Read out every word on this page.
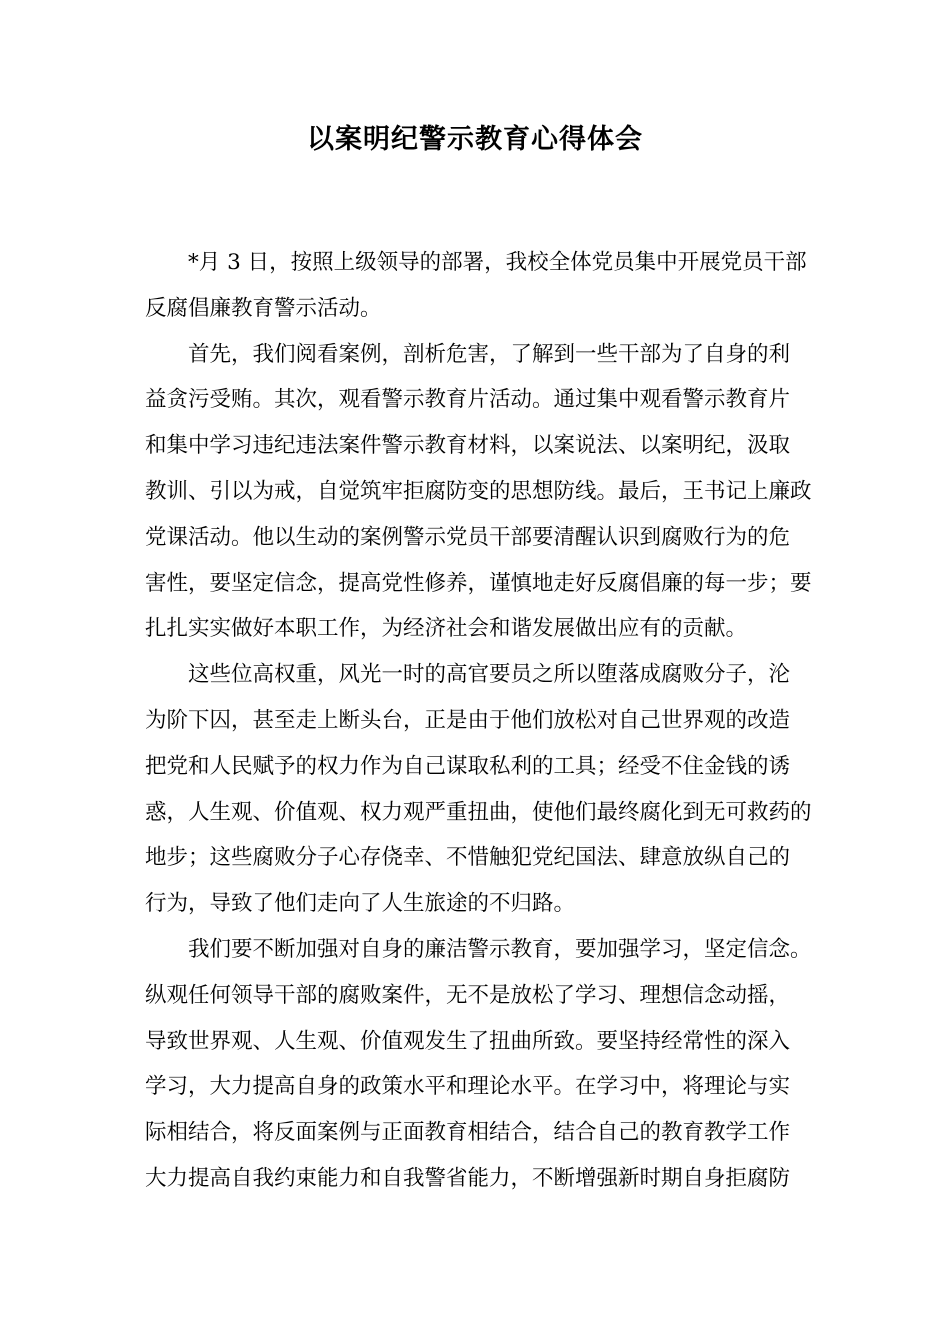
以案明纪警示教育心得体会
*月 3 日，按照上级领导的部署，我校全体党员集中开展党员干部
反腐倡廉教育警示活动。
首先，我们阅看案例，剖析危害，了解到一些干部为了自身的利
益贪污受贿。其次，观看警示教育片活动。通过集中观看警示教育片
和集中学习违纪违法案件警示教育材料，以案说法、以案明纪，汲取
教训、引以为戒，自觉筑牢拒腐防变的思想防线。最后，王书记上廉政
党课活动。他以生动的案例警示党员干部要清醒认识到腐败行为的危
害性，要坚定信念，提高党性修养，谨慎地走好反腐倡廉的每一步；要
扎扎实实做好本职工作，为经济社会和谐发展做出应有的贡献。
这些位高权重，风光一时的高官要员之所以堕落成腐败分子，沦
为阶下囚，甚至走上断头台，正是由于他们放松对自己世界观的改造
把党和人民赋予的权力作为自己谋取私利的工具；经受不住金钱的诱
惑，人生观、价值观、权力观严重扭曲，使他们最终腐化到无可救药的
地步；这些腐败分子心存侥幸、不惜触犯党纪国法、肆意放纵自己的
行为，导致了他们走向了人生旅途的不归路。
我们要不断加强对自身的廉洁警示教育，要加强学习，坚定信念。
纵观任何领导干部的腐败案件，无不是放松了学习、理想信念动摇，
导致世界观、人生观、价值观发生了扭曲所致。要坚持经常性的深入
学习，大力提高自身的政策水平和理论水平。在学习中，将理论与实
际相结合，将反面案例与正面教育相结合，结合自己的教育教学工作
大力提高自我约束能力和自我警省能力，不断增强新时期自身拒腐防
